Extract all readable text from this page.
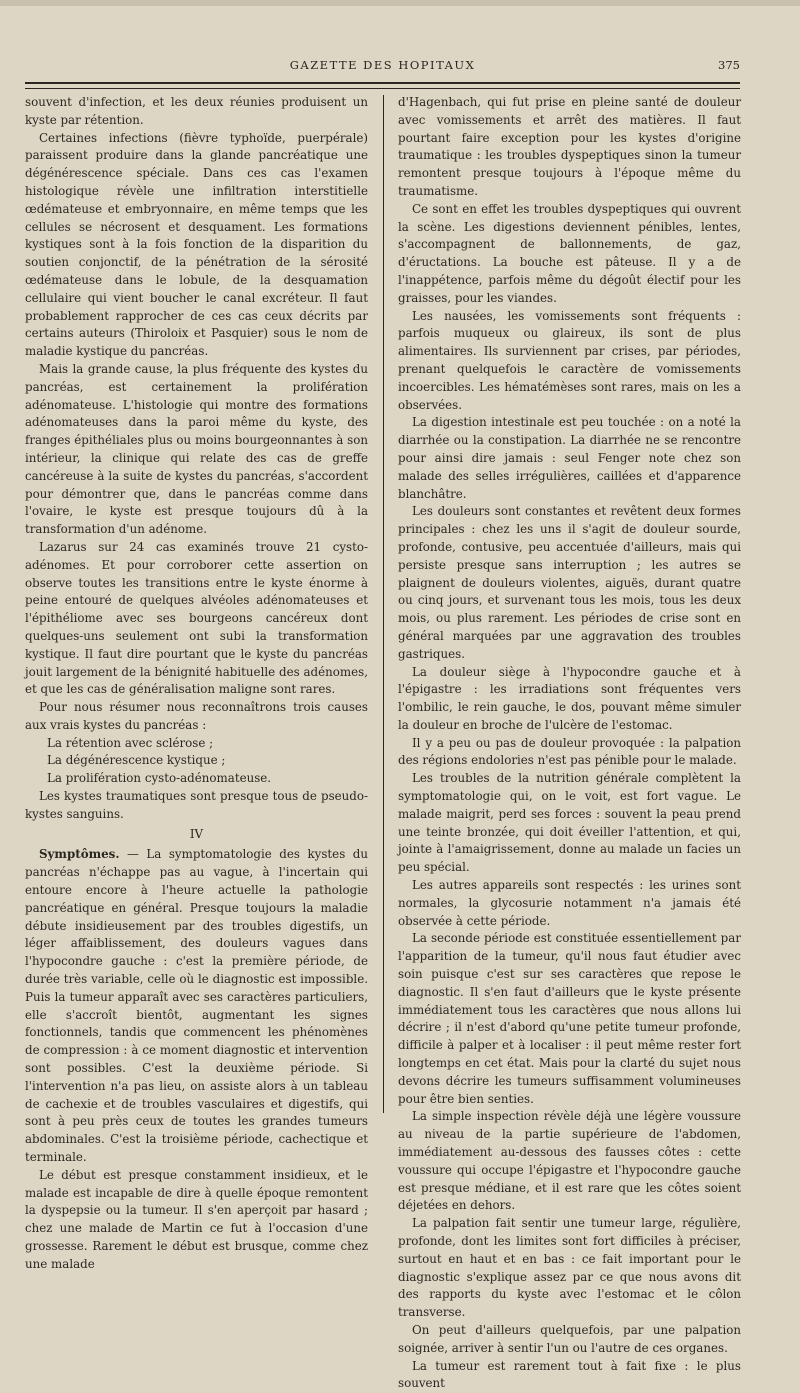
GAZETTE DES HOPITAUX	375

souvent d'infection, et les deux réunies produisent un kyste par rétention.

Certaines infections (fièvre typhoïde, puerpérale) paraissent produire dans la glande pancréatique une dégénérescence spéciale. Dans ces cas l'examen histologique révèle une infiltration interstitielle œdémateuse et embryonnaire, en même temps que les cellules se nécrosent et desquament. Les formations kystiques sont à la fois fonction de la disparition du soutien conjonctif, de la pénétration de la sérosité œdémateuse dans le lobule, de la desquamation cellulaire qui vient boucher le canal excréteur. Il faut probablement rapprocher de ces cas ceux décrits par certains auteurs (Thiroloix et Pasquier) sous le nom de maladie kystique du pancréas.

Mais la grande cause, la plus fréquente des kystes du pancréas, est certainement la prolifération adénomateuse. L'histologie qui montre des formations adénomateuses dans la paroi même du kyste, des franges épithéliales plus ou moins bourgeonnantes à son intérieur, la clinique qui relate des cas de greffe cancéreuse à la suite de kystes du pancréas, s'accordent pour démontrer que, dans le pancréas comme dans l'ovaire, le kyste est presque toujours dû à la transformation d'un adénome.

Lazarus sur 24 cas examinés trouve 21 cysto-adénomes. Et pour corroborer cette assertion on observe toutes les transitions entre le kyste énorme à peine entouré de quelques alvéoles adénomateuses et l'épithéliome avec ses bourgeons cancéreux dont quelques-uns seulement ont subi la transformation kystique. Il faut dire pourtant que le kyste du pancréas jouit largement de la bénignité habituelle des adénomes, et que les cas de généralisation maligne sont rares.

Pour nous résumer nous reconnaîtrons trois causes aux vrais kystes du pancréas :

La rétention avec sclérose ;

La dégénérescence kystique ;

La prolifération cysto-adénomateuse.

Les kystes traumatiques sont presque tous de pseudo-kystes sanguins.

IV

Symptômes. — La symptomatologie des kystes du pancréas n'échappe pas au vague, à l'incertain qui entoure encore à l'heure actuelle la pathologie pancréatique en général. Presque toujours la maladie débute insidieusement par des troubles digestifs, un léger affaiblissement, des douleurs vagues dans l'hypocondre gauche : c'est la première période, de durée très variable, celle où le diagnostic est impossible. Puis la tumeur apparaît avec ses caractères particuliers, elle s'accroît bientôt, augmentant les signes fonctionnels, tandis que commencent les phénomènes de compression : à ce moment diagnostic et intervention sont possibles. C'est la deuxième période. Si l'intervention n'a pas lieu, on assiste alors à un tableau de cachexie et de troubles vasculaires et digestifs, qui sont à peu près ceux de toutes les grandes tumeurs abdominales. C'est la troisième période, cachectique et terminale.

Le début est presque constamment insidieux, et le malade est incapable de dire à quelle époque remontent la dyspepsie ou la tumeur. Il s'en aperçoit par hasard ; chez une malade de Martin ce fut à l'occasion d'une grossesse. Rarement le début est brusque, comme chez une malade

d'Hagenbach, qui fut prise en pleine santé de douleur avec vomissements et arrêt des matières. Il faut pourtant faire exception pour les kystes d'origine traumatique : les troubles dyspeptiques sinon la tumeur remontent presque toujours à l'époque même du traumatisme.

Ce sont en effet les troubles dyspeptiques qui ouvrent la scène. Les digestions deviennent pénibles, lentes, s'accompagnent de ballonnements, de gaz, d'éructations. La bouche est pâteuse. Il y a de l'inappétence, parfois même du dégoût électif pour les graisses, pour les viandes.

Les nausées, les vomissements sont fréquents : parfois muqueux ou glaireux, ils sont de plus alimentaires. Ils surviennent par crises, par périodes, prenant quelquefois le caractère de vomissements incoercibles. Les hématémèses sont rares, mais on les a observées.

La digestion intestinale est peu touchée : on a noté la diarrhée ou la constipation. La diarrhée ne se rencontre pour ainsi dire jamais : seul Fenger note chez son malade des selles irrégulières, caillées et d'apparence blanchâtre.

Les douleurs sont constantes et revêtent deux formes principales : chez les uns il s'agit de douleur sourde, profonde, contusive, peu accentuée d'ailleurs, mais qui persiste presque sans interruption ; les autres se plaignent de douleurs violentes, aiguës, durant quatre ou cinq jours, et survenant tous les mois, tous les deux mois, ou plus rarement. Les périodes de crise sont en général marquées par une aggravation des troubles gastriques.

La douleur siège à l'hypocondre gauche et à l'épigastre : les irradiations sont fréquentes vers l'ombilic, le rein gauche, le dos, pouvant même simuler la douleur en broche de l'ulcère de l'estomac.

Il y a peu ou pas de douleur provoquée : la palpation des régions endolories n'est pas pénible pour le malade.

Les troubles de la nutrition générale complètent la symptomatologie qui, on le voit, est fort vague. Le malade maigrit, perd ses forces : souvent la peau prend une teinte bronzée, qui doit éveiller l'attention, et qui, jointe à l'amaigrissement, donne au malade un facies un peu spécial.

Les autres appareils sont respectés : les urines sont normales, la glycosurie notamment n'a jamais été observée à cette période.

La seconde période est constituée essentiellement par l'apparition de la tumeur, qu'il nous faut étudier avec soin puisque c'est sur ses caractères que repose le diagnostic. Il s'en faut d'ailleurs que le kyste présente immédiatement tous les caractères que nous allons lui décrire ; il n'est d'abord qu'une petite tumeur profonde, difficile à palper et à localiser : il peut même rester fort longtemps en cet état. Mais pour la clarté du sujet nous devons décrire les tumeurs suffisamment volumineuses pour être bien senties.

La simple inspection révèle déjà une légère voussure au niveau de la partie supérieure de l'abdomen, immédiatement au-dessous des fausses côtes : cette voussure qui occupe l'épigastre et l'hypocondre gauche est presque médiane, et il est rare que les côtes soient déjetées en dehors.

La palpation fait sentir une tumeur large, régulière, profonde, dont les limites sont fort difficiles à préciser, surtout en haut et en bas : ce fait important pour le diagnostic s'explique assez par ce que nous avons dit des rapports du kyste avec l'estomac et le côlon transverse.

On peut d'ailleurs quelquefois, par une palpation soignée, arriver à sentir l'un ou l'autre de ces organes.

La tumeur est rarement tout à fait fixe : le plus souvent
